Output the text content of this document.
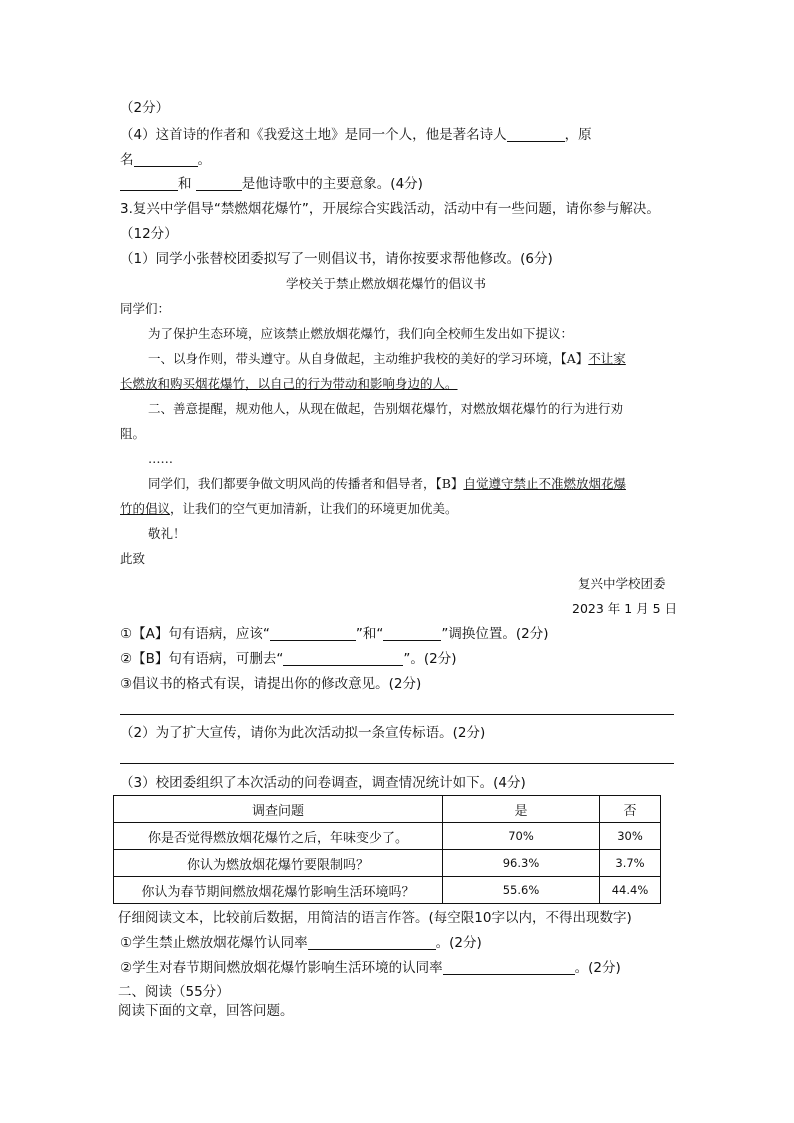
（2分）
（4）这首诗的作者和《我爱这土地》是同一个人，他是著名诗人	，原
名	。
和	是他诗歌中的主要意象。(4分)
3.复兴中学倡导“禁燃烟花爆竹”，开展综合实践活动，活动中有一些问题，请你参与解决。
（12分）
（1）同学小张替校团委拟写了一则倡议书，请你按要求帮他修改。(6分)
学校关于禁止燃放烟花爆竹的倡议书
同学们：
为了保护生态环境，应该禁止燃放烟花爆竹，我们向全校师生发出如下提议：
一、以身作则，带头遵守。从自身做起，主动维护我校的美好的学习环境，【A】不让家
长燃放和购买烟花爆竹，以自己的行为带动和影响身边的人。
二、善意提醒，规劝他人，从现在做起，告别烟花爆竹，对燃放烟花爆竹的行为进行劝
阻。
……
同学们，我们都要争做文明风尚的传播者和倡导者，【B】自觉遵守禁止不准燃放烟花爆
竹的倡议，让我们的空气更加清新，让我们的环境更加优美。
敬礼！
此致
复兴中学校团委
2023 年 1 月 5 日
①【A】句有语病，应该“	”和“	”调换位置。(2分)
②【B】句有语病，可删去“	”。(2分)
③倡议书的格式有误，请提出你的修改意见。(2分)
（2）为了扩大宣传，请你为此次活动拟一条宣传标语。(2分)
（3）校团委组织了本次活动的问卷调查，调查情况统计如下。(4分)
调查问题	是	否
你是否觉得燃放烟花爆竹之后，年味变少了。	70%	30%
你认为燃放烟花爆竹要限制吗？	96.3%	3.7%
你认为春节期间燃放烟花爆竹影响生活环境吗？	55.6%	44.4%
仔细阅读文本，比较前后数据，用简洁的语言作答。(每空限10字以内，不得出现数字)
①学生禁止燃放烟花爆竹认同率	。(2分)
②学生对春节期间燃放烟花爆竹影响生活环境的认同率	。(2分)
二、阅读（55分）
阅读下面的文章，回答问题。
